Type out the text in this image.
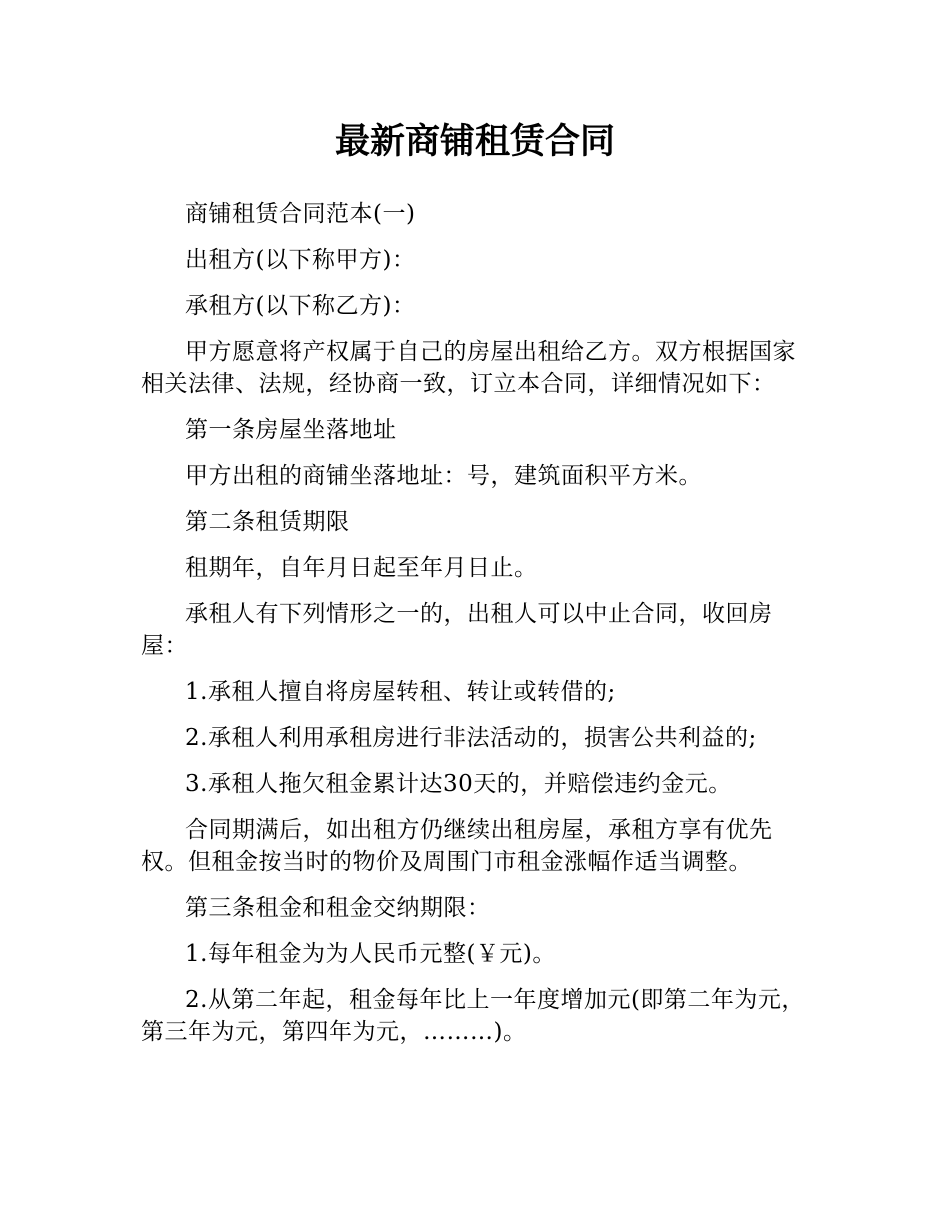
最新商铺租赁合同

商铺租赁合同范本(一)

出租方(以下称甲方)：

承租方(以下称乙方)：

甲方愿意将产权属于自己的房屋出租给乙方。双方根据国家相关法律、法规，经协商一致，订立本合同，详细情况如下：

第一条房屋坐落地址

甲方出租的商铺坐落地址：号，建筑面积平方米。

第二条租赁期限

租期年，自年月日起至年月日止。

承租人有下列情形之一的，出租人可以中止合同，收回房屋：

1.承租人擅自将房屋转租、转让或转借的;

2.承租人利用承租房进行非法活动的，损害公共利益的;

3.承租人拖欠租金累计达30天的，并赔偿违约金元。

合同期满后，如出租方仍继续出租房屋，承租方享有优先权。但租金按当时的物价及周围门市租金涨幅作适当调整。

第三条租金和租金交纳期限：

1.每年租金为为人民币元整(￥元)。

2.从第二年起，租金每年比上一年度增加元(即第二年为元，第三年为元，第四年为元，………)。
